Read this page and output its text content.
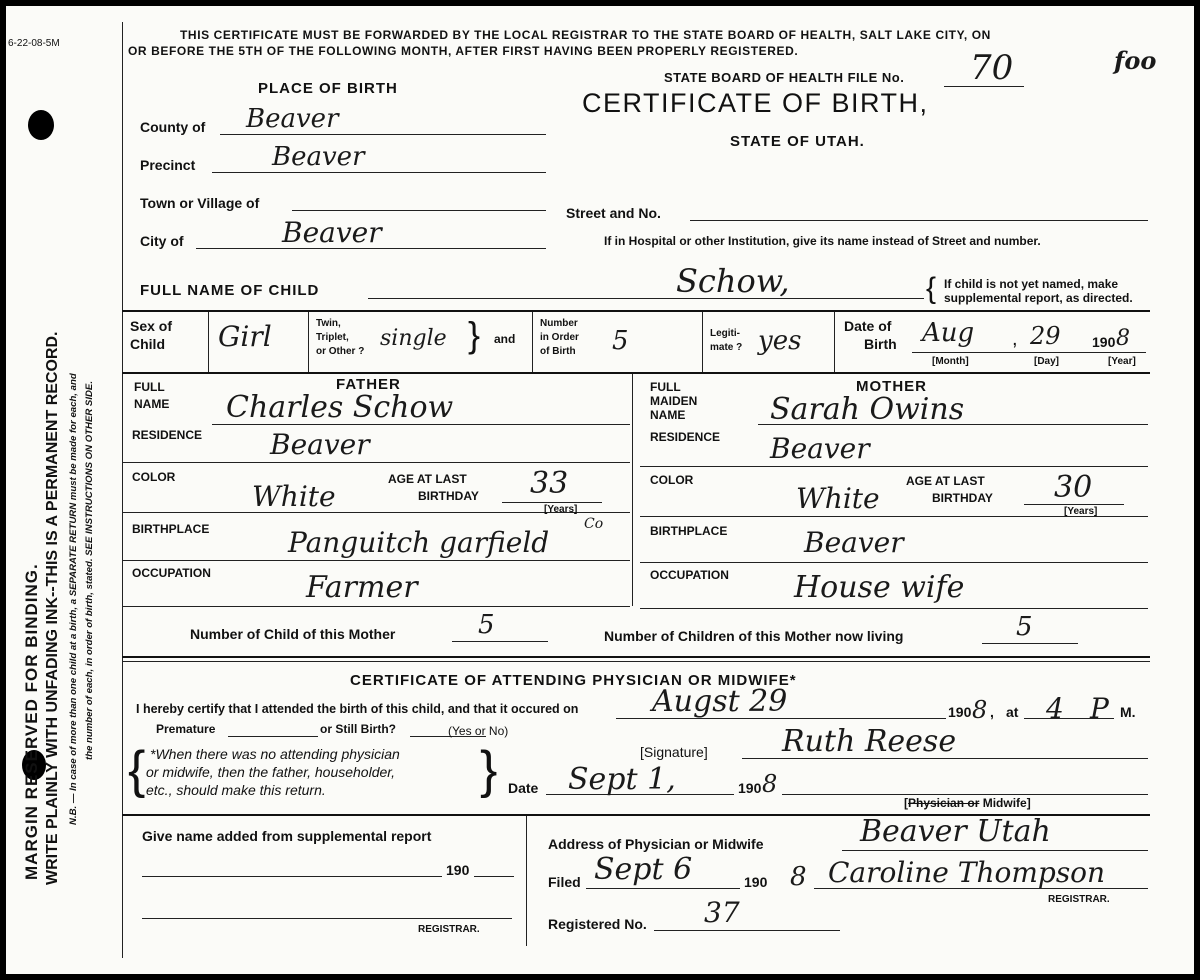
6-22-08-5M
MARGIN RESERVED FOR BINDING. WRITE PLAINLY WITH UNFADING INK--THIS IS A PERMANENT RECORD. N.B. — In case of more than one child at a birth, a SEPARATE RETURN must be made for each, and the number of each, in order of birth, stated. SEE INSTRUCTIONS ON OTHER SIDE.
THIS CERTIFICATE MUST BE FORWARDED BY THE LOCAL REGISTRAR TO THE STATE BOARD OF HEALTH, SALT LAKE CITY, ON
OR BEFORE THE 5TH OF THE FOLLOWING MONTH, AFTER FIRST HAVING BEEN PROPERLY REGISTERED.
STATE BOARD OF HEALTH FILE No. 70	foo
CERTIFICATE OF BIRTH,
STATE OF UTAH.
PLACE OF BIRTH
County of Beaver
Precinct	Beaver
Town or Village of
City of	Beaver
Street and No.
If in Hospital or other Institution, give its name instead of Street and number.
FULL NAME OF CHILD	Schow,	{ If child is not yet named, make
supplemental report, as directed.
Sex of
Child Girl	Twin,
Triplet,
or Other ?
single } and
Number
in Order
of Birth 5	Legiti-
mate ? yes	Date of
Birth Aug , 29 190 8
[Month]	[Day]	[Year]
FATHER
FULL
NAME Charles Schow
RESIDENCE Beaver
COLOR
White
AGE AT LAST
BIRTHDAY 33
[Years]
BIRTHPLACE	Panguitch garfield
Co
OCCUPATION	Farmer
MOTHER
FULL
MAIDEN
NAME	Sarah Owins
RESIDENCE Beaver
COLOR
White
AGE AT LAST
BIRTHDAY 30
[Years]
BIRTHPLACE	Beaver
OCCUPATION House wife
Number of Child of this Mother	5	Number of Children of this Mother now living	5
CERTIFICATE OF ATTENDING PHYSICIAN OR MIDWIFE*
I hereby certify that I attended the birth of this child, and that it occured on Augst 29	190 8 , at 4 P M.
Premature	or Still Birth?	(Yes or No)
{ *When there was no attending physician
or midwife, then the father, householder,
etc., should make this return.	}	[Signature] Ruth Reese
Date Sept 1,	190 8
[Physician or Midwife]
Give name added from supplemental report
190
REGISTRAR.
Address of Physician or Midwife	Beaver Utah
Filed Sept 6	190 8 Caroline Thompson
REGISTRAR.
Registered No. 37
